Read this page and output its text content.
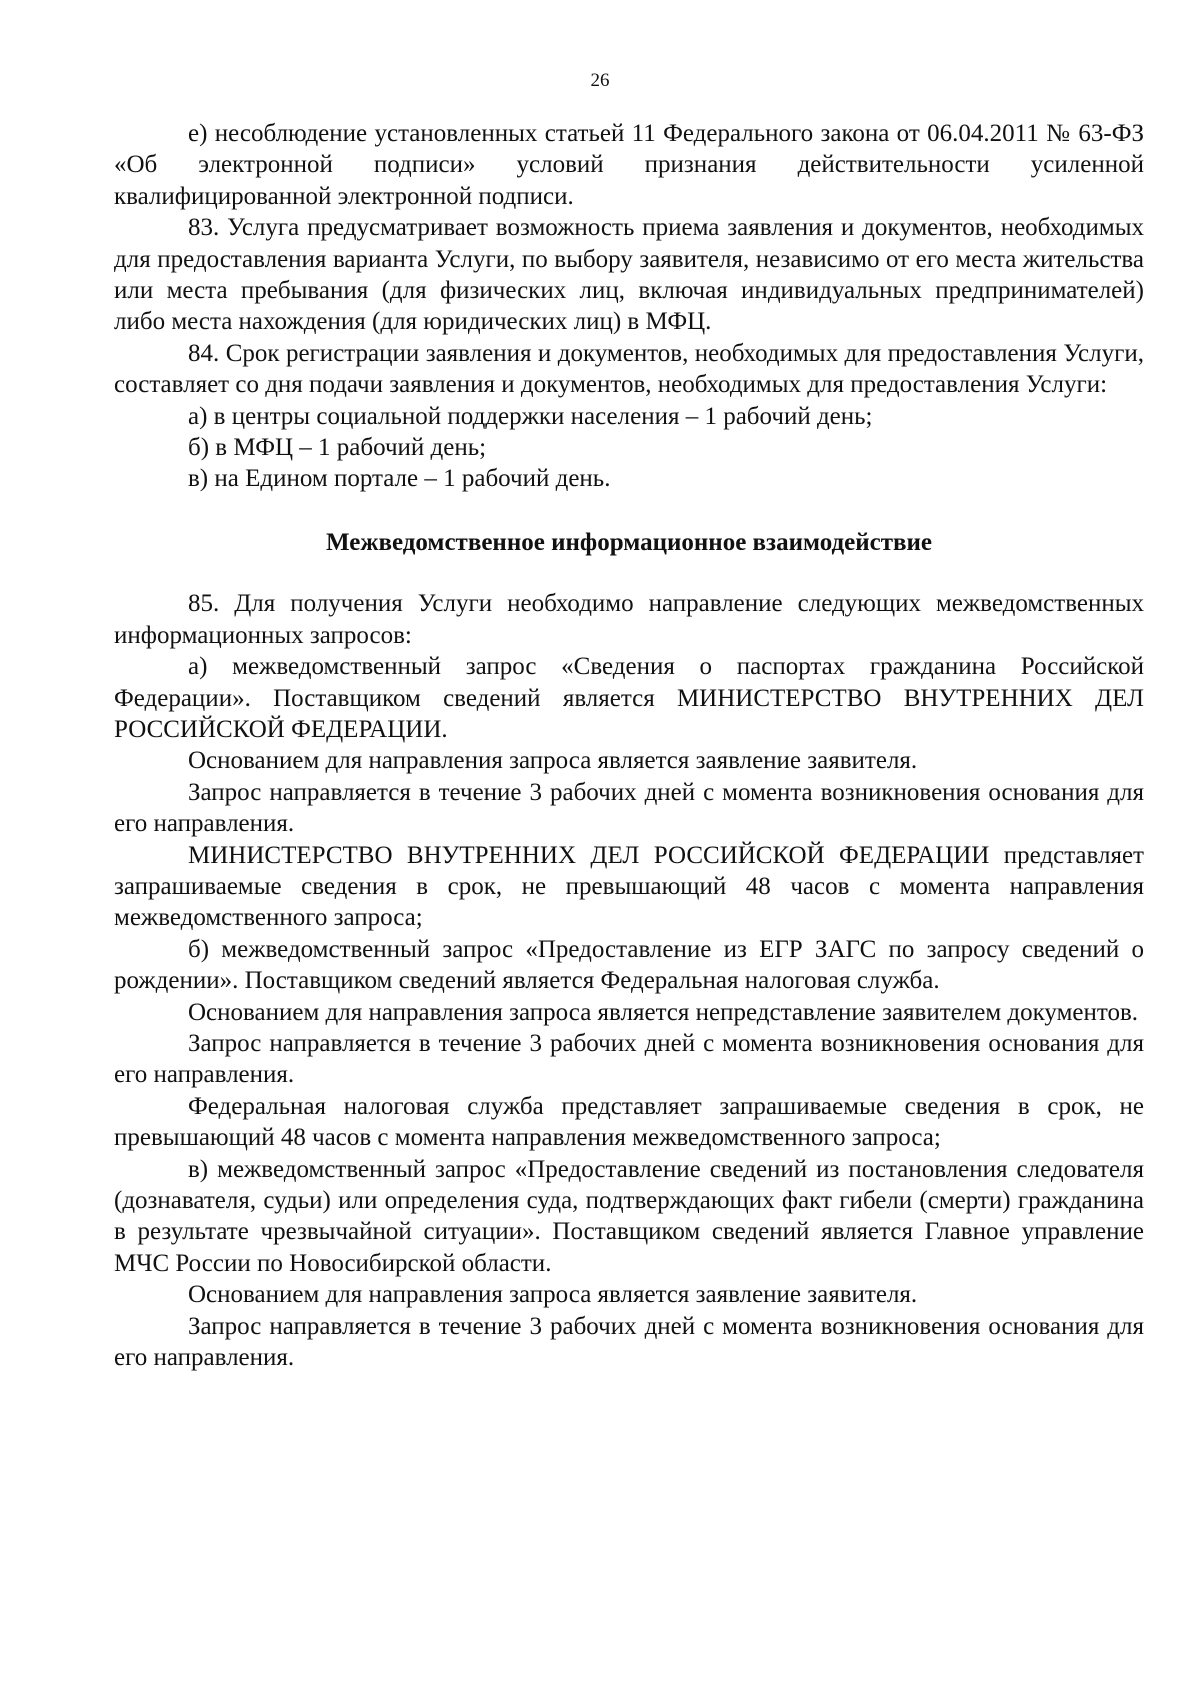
26

е) несоблюдение установленных статьей 11 Федерального закона от 06.04.2011 № 63-ФЗ «Об электронной подписи» условий признания действительности усиленной квалифицированной электронной подписи.

83. Услуга предусматривает возможность приема заявления и документов, необходимых для предоставления варианта Услуги, по выбору заявителя, независимо от его места жительства или места пребывания (для физических лиц, включая индивидуальных предпринимателей) либо места нахождения (для юридических лиц) в МФЦ.

84. Срок регистрации заявления и документов, необходимых для предоставления Услуги, составляет со дня подачи заявления и документов, необходимых для предоставления Услуги:

а) в центры социальной поддержки населения – 1 рабочий день;

б) в МФЦ – 1 рабочий день;

в) на Едином портале – 1 рабочий день.

Межведомственное информационное взаимодействие

85. Для получения Услуги необходимо направление следующих межведомственных информационных запросов:

а) межведомственный запрос «Сведения о паспортах гражданина Российской Федерации». Поставщиком сведений является МИНИСТЕРСТВО ВНУТРЕННИХ ДЕЛ РОССИЙСКОЙ ФЕДЕРАЦИИ.

Основанием для направления запроса является заявление заявителя.

Запрос направляется в течение 3 рабочих дней с момента возникновения основания для его направления.

МИНИСТЕРСТВО ВНУТРЕННИХ ДЕЛ РОССИЙСКОЙ ФЕДЕРАЦИИ представляет запрашиваемые сведения в срок, не превышающий 48 часов с момента направления межведомственного запроса;

б) межведомственный запрос «Предоставление из ЕГР ЗАГС по запросу сведений о рождении». Поставщиком сведений является Федеральная налоговая служба.

Основанием для направления запроса является непредставление заявителем документов.

Запрос направляется в течение 3 рабочих дней с момента возникновения основания для его направления.

Федеральная налоговая служба представляет запрашиваемые сведения в срок, не превышающий 48 часов с момента направления межведомственного запроса;

в) межведомственный запрос «Предоставление сведений из постановления следователя (дознавателя, судьи) или определения суда, подтверждающих факт гибели (смерти) гражданина в результате чрезвычайной ситуации». Поставщиком сведений является Главное управление МЧС России по Новосибирской области.

Основанием для направления запроса является заявление заявителя.

Запрос направляется в течение 3 рабочих дней с момента возникновения основания для его направления.
